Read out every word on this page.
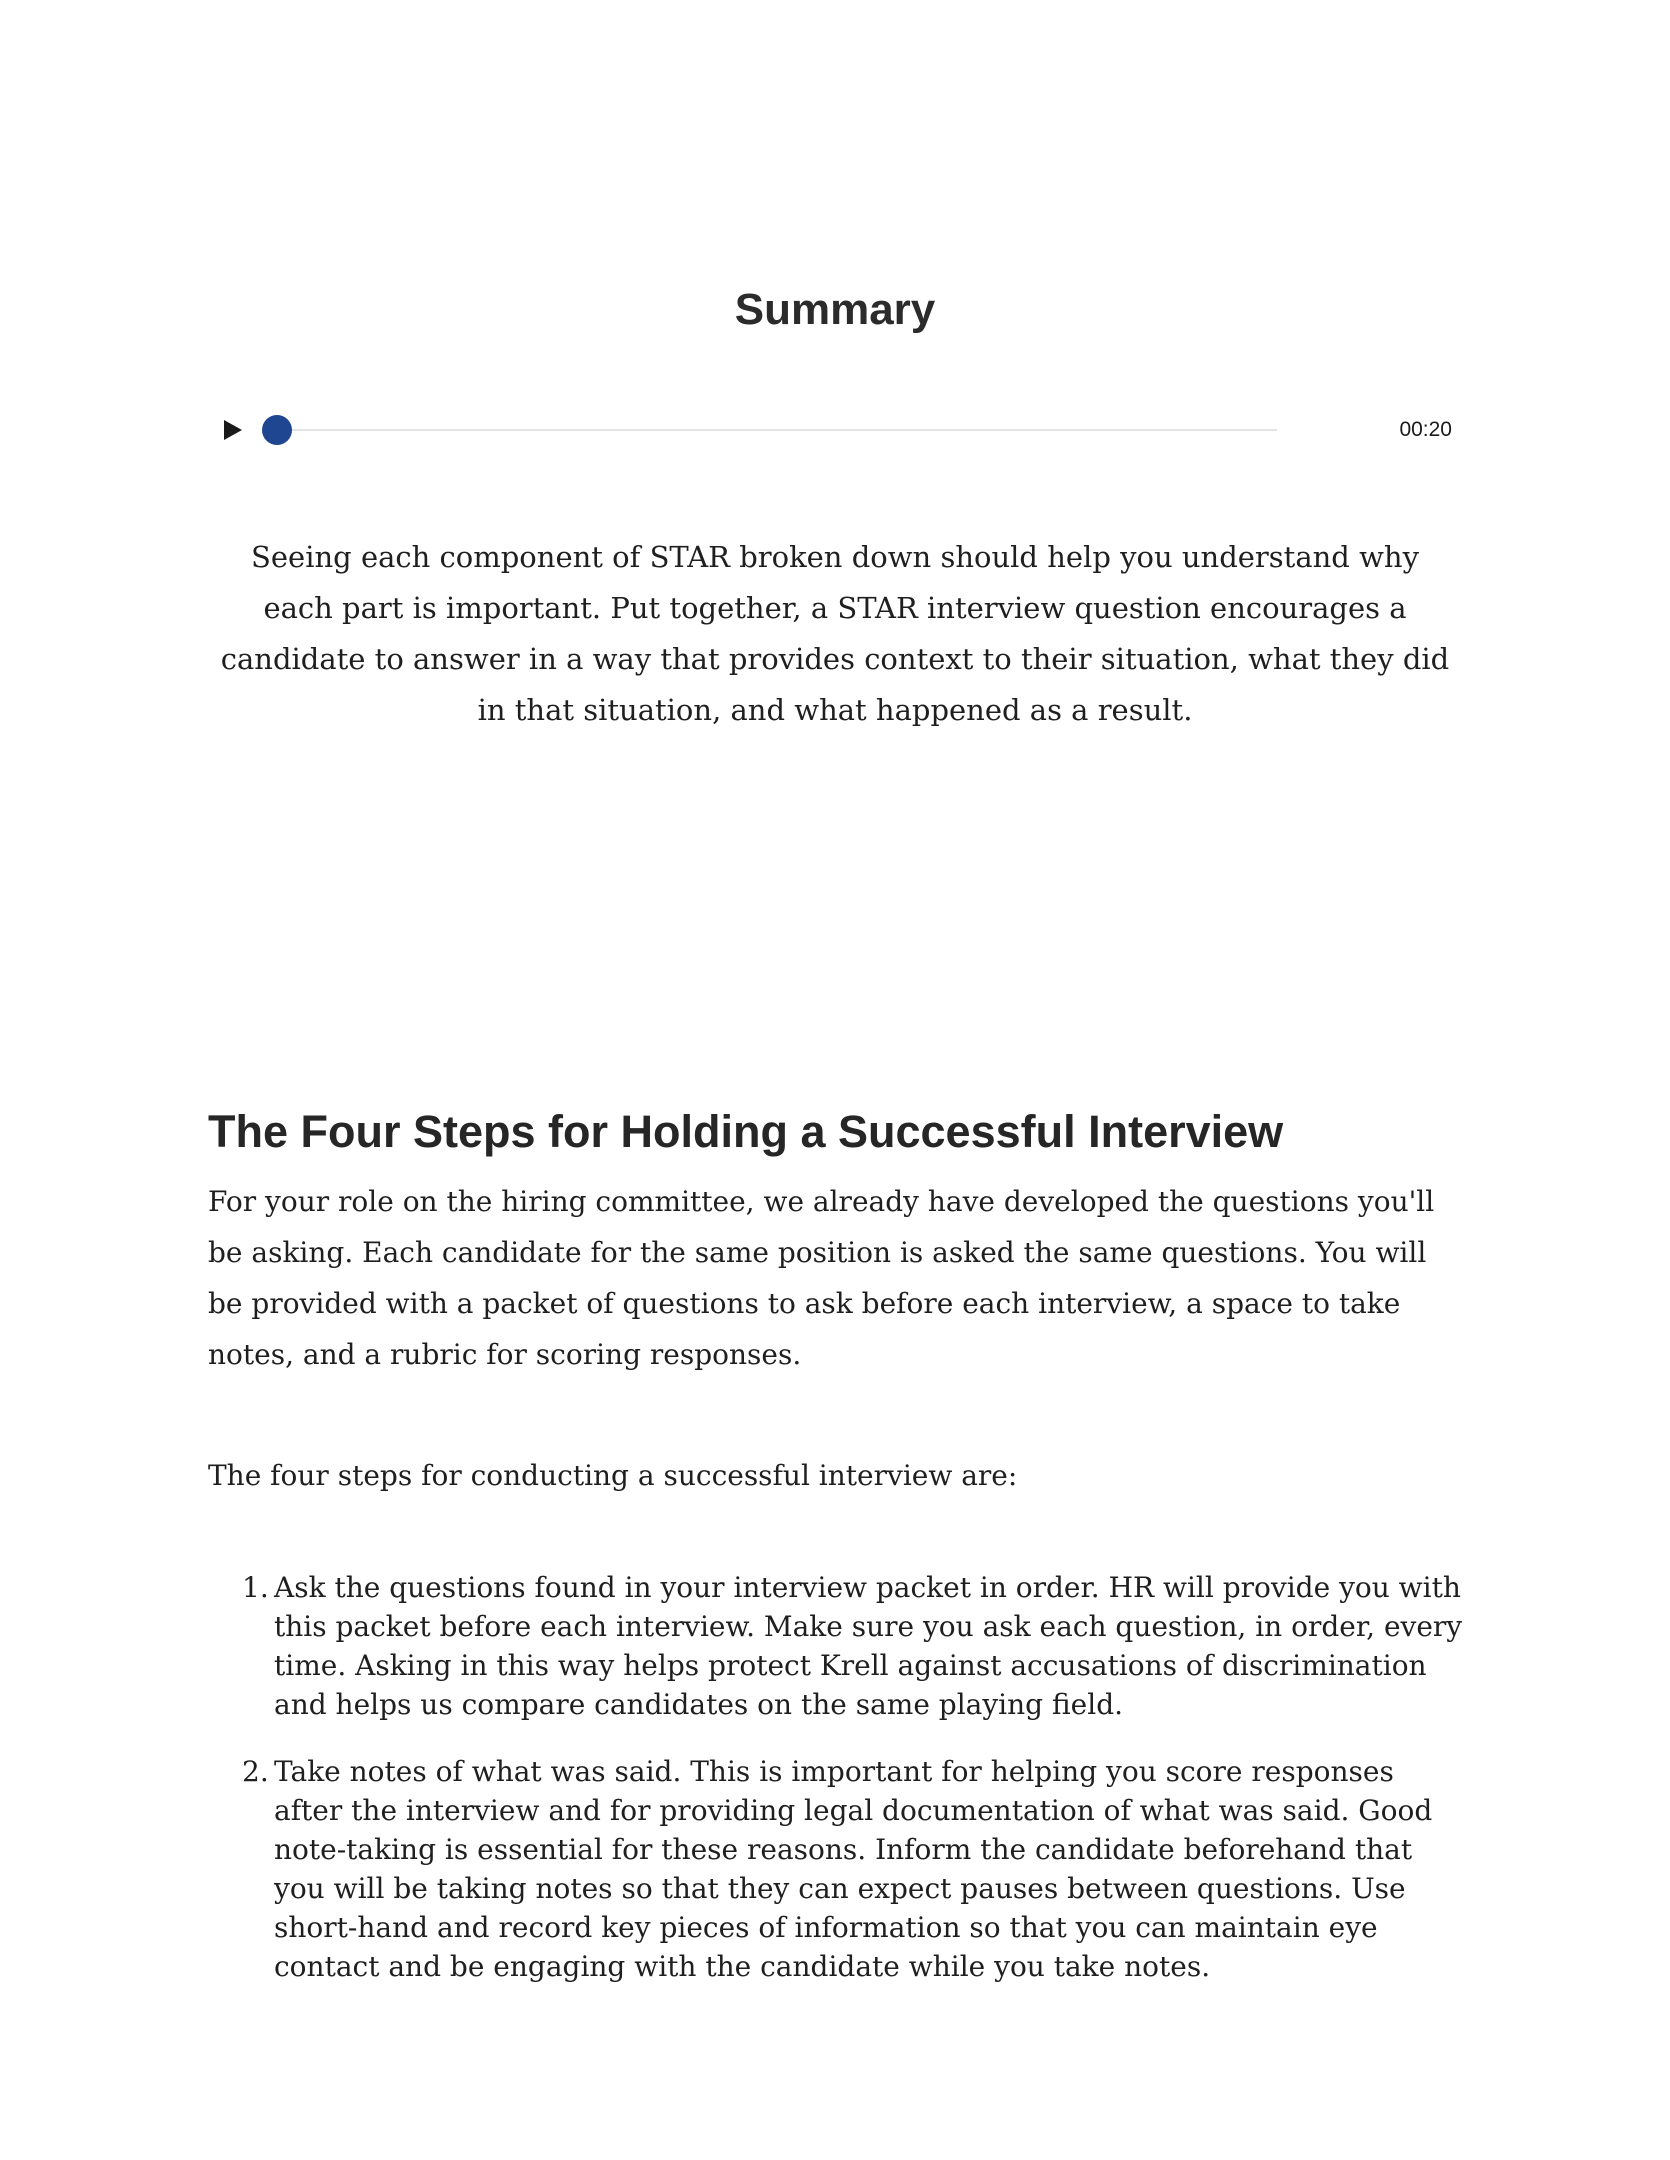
Summary
00:20

Seeing each component of STAR broken down should help you understand why each part is important. Put together, a STAR interview question encourages a candidate to answer in a way that provides context to their situation, what they did in that situation, and what happened as a result.

The Four Steps for Holding a Successful Interview

For your role on the hiring committee, we already have developed the questions you'll be asking. Each candidate for the same position is asked the same questions. You will be provided with a packet of questions to ask before each interview, a space to take notes, and a rubric for scoring responses.

The four steps for conducting a successful interview are:

1. Ask the questions found in your interview packet in order. HR will provide you with this packet before each interview. Make sure you ask each question, in order, every time. Asking in this way helps protect Krell against accusations of discrimination and helps us compare candidates on the same playing field.
2. Take notes of what was said. This is important for helping you score responses after the interview and for providing legal documentation of what was said. Good note-taking is essential for these reasons. Inform the candidate beforehand that you will be taking notes so that they can expect pauses between questions. Use short-hand and record key pieces of information so that you can maintain eye contact and be engaging with the candidate while you take notes.
